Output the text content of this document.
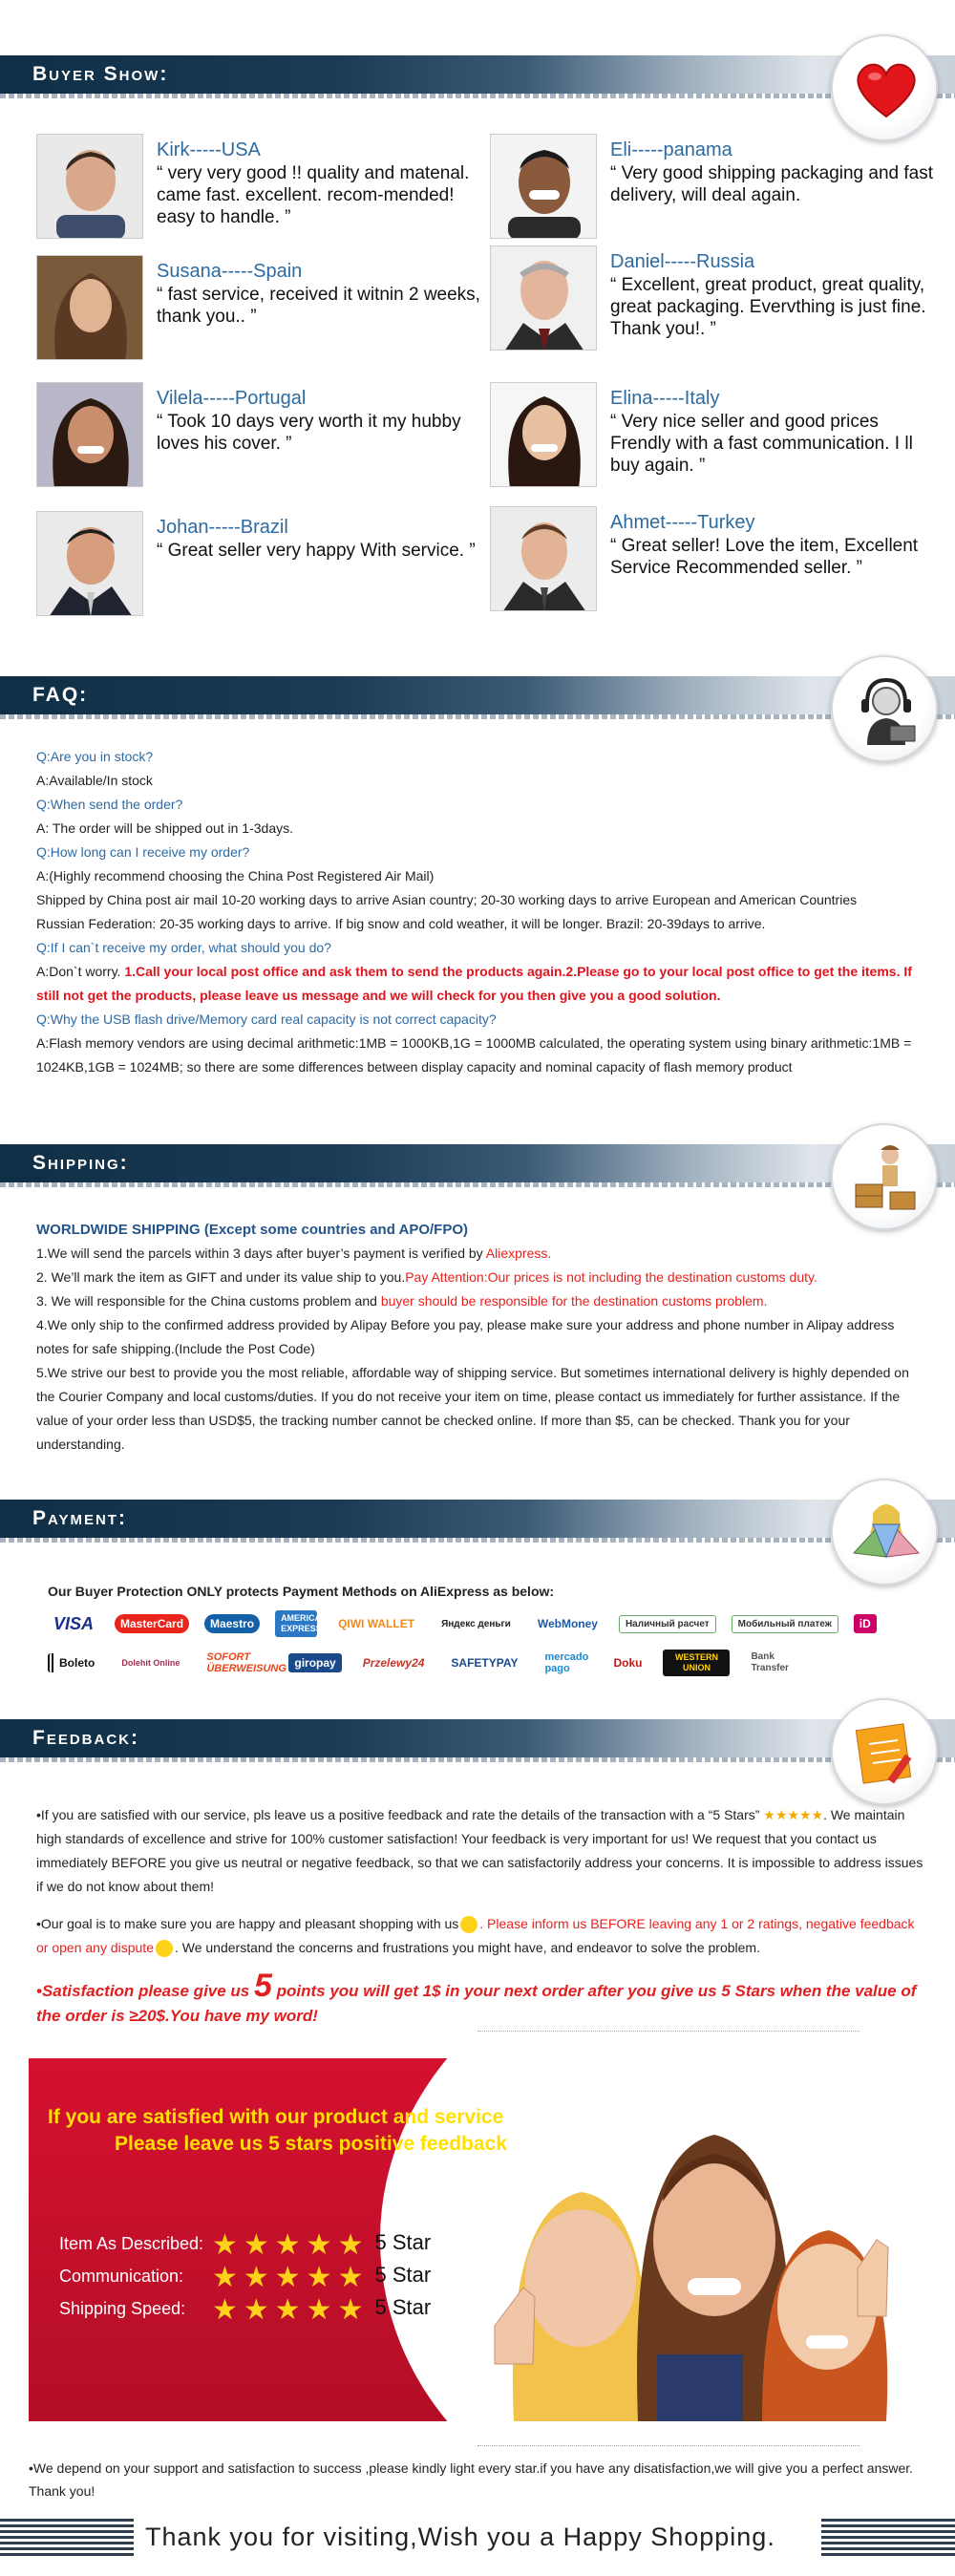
Buyer Show:
Kirk-----USA
“ very very good !! quality and matenal. came fast. excellent. recom-mended! easy to handle. ”
Eli-----panama
“ Very good shipping packaging and fast delivery, will deal again.
Susana-----Spain
“ fast service, received it witnin 2 weeks, thank you.. ”
Daniel-----Russia
“ Excellent, great product, great quality, great packaging. Evervthing is just fine. Thank you!. ”
Vilela-----Portugal
“ Took 10 days very worth it my hubby loves his cover. ”
Elina-----Italy
“ Very nice seller and good prices Frendly with a fast communication. I ll buy again. ”
Johan-----Brazil
“ Great seller very happy With service. ”
Ahmet-----Turkey
“ Great seller! Love the item, Excellent Service Recommended seller. ”
FAQ:
Q:Are you in stock?
A:Available/In stock
Q:When send the order?
A: The order will be shipped out in 1-3days.
Q:How long can I receive my order?
A:(Highly recommend choosing the China Post Registered Air Mail)
Shipped by China post air mail 10-20 working days to arrive Asian country; 20-30 working days to arrive European and American Countries
Russian Federation: 20-35 working days to arrive. If big snow and cold weather, it will be longer. Brazil: 20-39days to arrive.
Q:If I can`t receive my order, what should you do?
A:Don`t worry. 1.Call your local post office and ask them to send the products again.2.Please go to your local post office to get the items. If still not get the products, please leave us message and we will check for you then give you a good solution.
Q:Why the USB flash drive/Memory card real capacity is not correct capacity?
A:Flash memory vendors are using decimal arithmetic:1MB = 1000KB,1G = 1000MB calculated, the operating system using binary arithmetic:1MB = 1024KB,1GB = 1024MB; so there are some differences between display capacity and nominal capacity of flash memory product
Shipping:
WORLDWIDE SHIPPING (Except some countries and APO/FPO)
1.We will send the parcels within 3 days after buyer’s payment is verified by Aliexpress.
2. We’ll mark the item as GIFT and under its value ship to you.Pay Attention:Our prices is not including the destination customs duty.
3. We will responsible for the China customs problem and buyer should be responsible for the destination customs problem.
4.We only ship to the confirmed address provided by Alipay Before you pay, please make sure your address and phone number in Alipay address notes for safe shipping.(Include the Post Code)
5.We strive our best to provide you the most reliable, affordable way of shipping service. But sometimes international delivery is highly depended on the Courier Company and local customs/duties. If you do not receive your item on time, please contact us immediately for further assistance. If the value of your order less than USD$5, the tracking number cannot be checked online. If more than $5, can be checked. Thank you for your understanding.
Payment:
Our Buyer Protection ONLY protects Payment Methods on AliExpress as below:
VISA	MasterCard	Maestro	AMERICAN EXPRESS	QIWI WALLET	Яндекс деньги	WebMoney	Наличный расчет	Мобильный платеж	iD
Boleto	Dolehit Online	SOFORT ÜBERWEISUNG giropay	Przelewy24	SAFETYPAY	mercado pago	Doku	WESTERN UNION
Bank Transfer
Feedback:

•If you are satisfied with our service, pls leave us a positive feedback and rate the details of the transaction with a “5 Stars” ★★★★★. We maintain high standards of excellence and strive for 100% customer satisfaction! Your feedback is very important for us! We request that you contact us immediately BEFORE you give us neutral or negative feedback, so that we can satisfactorily address your concerns. It is impossible to address issues if we do not know about them!

•Our goal is to make sure you are happy and pleasant shopping with us . Please inform us BEFORE leaving any 1 or 2 ratings, negative feedback or open any dispute . We understand the concerns and frustrations you might have, and endeavor to solve the problem.

•Satisfaction please give us 5 points you will get 1$ in your next order after you give us 5 Stars when the value of the order is ≥20$.You have my word!

If you are satisfied with our product and service
Please leave us 5 stars positive feedback
Item As Described: ★★★★★ 5 Star
Communication: ★★★★★ 5 Star
Shipping Speed: ★★★★★ 5 Star
•We depend on your support and satisfaction to success ,please kindly light every star.if you have any disatisfaction,we will give you a perfect answer. Thank you!
Thank you for visiting,Wish you a Happy Shopping.
